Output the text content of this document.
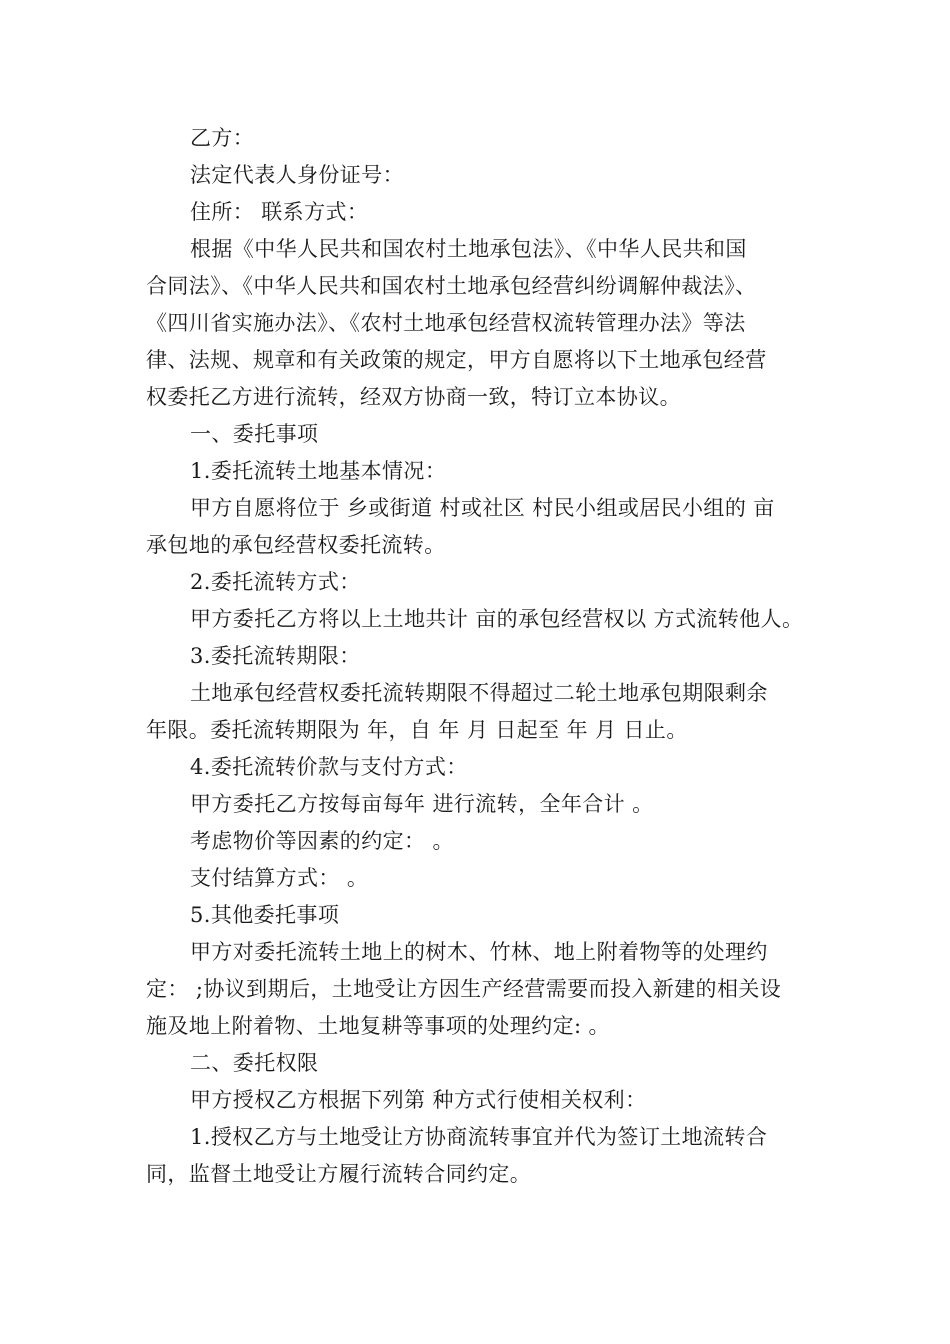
乙方：
法定代表人身份证号：
住所： 联系方式：
根据《中华人民共和国农村土地承包法》、《中华人民共和国
合同法》、《中华人民共和国农村土地承包经营纠纷调解仲裁法》、
《四川省实施办法》、《农村土地承包经营权流转管理办法》等法
律、法规、规章和有关政策的规定，甲方自愿将以下土地承包经营
权委托乙方进行流转，经双方协商一致，特订立本协议。
一、委托事项
1.委托流转土地基本情况：
甲方自愿将位于 乡或街道 村或社区 村民小组或居民小组的 亩
承包地的承包经营权委托流转。
2.委托流转方式：
甲方委托乙方将以上土地共计 亩的承包经营权以 方式流转他人。
3.委托流转期限：
土地承包经营权委托流转期限不得超过二轮土地承包期限剩余
年限。委托流转期限为 年，自 年 月 日起至 年 月 日止。
4.委托流转价款与支付方式：
甲方委托乙方按每亩每年 进行流转，全年合计 。
考虑物价等因素的约定： 。
支付结算方式： 。
5.其他委托事项
甲方对委托流转土地上的树木、竹林、地上附着物等的处理约
定： ;协议到期后，土地受让方因生产经营需要而投入新建的相关设
施及地上附着物、土地复耕等事项的处理约定: 。
二、委托权限
甲方授权乙方根据下列第 种方式行使相关权利：
1.授权乙方与土地受让方协商流转事宜并代为签订土地流转合
同，监督土地受让方履行流转合同约定。
